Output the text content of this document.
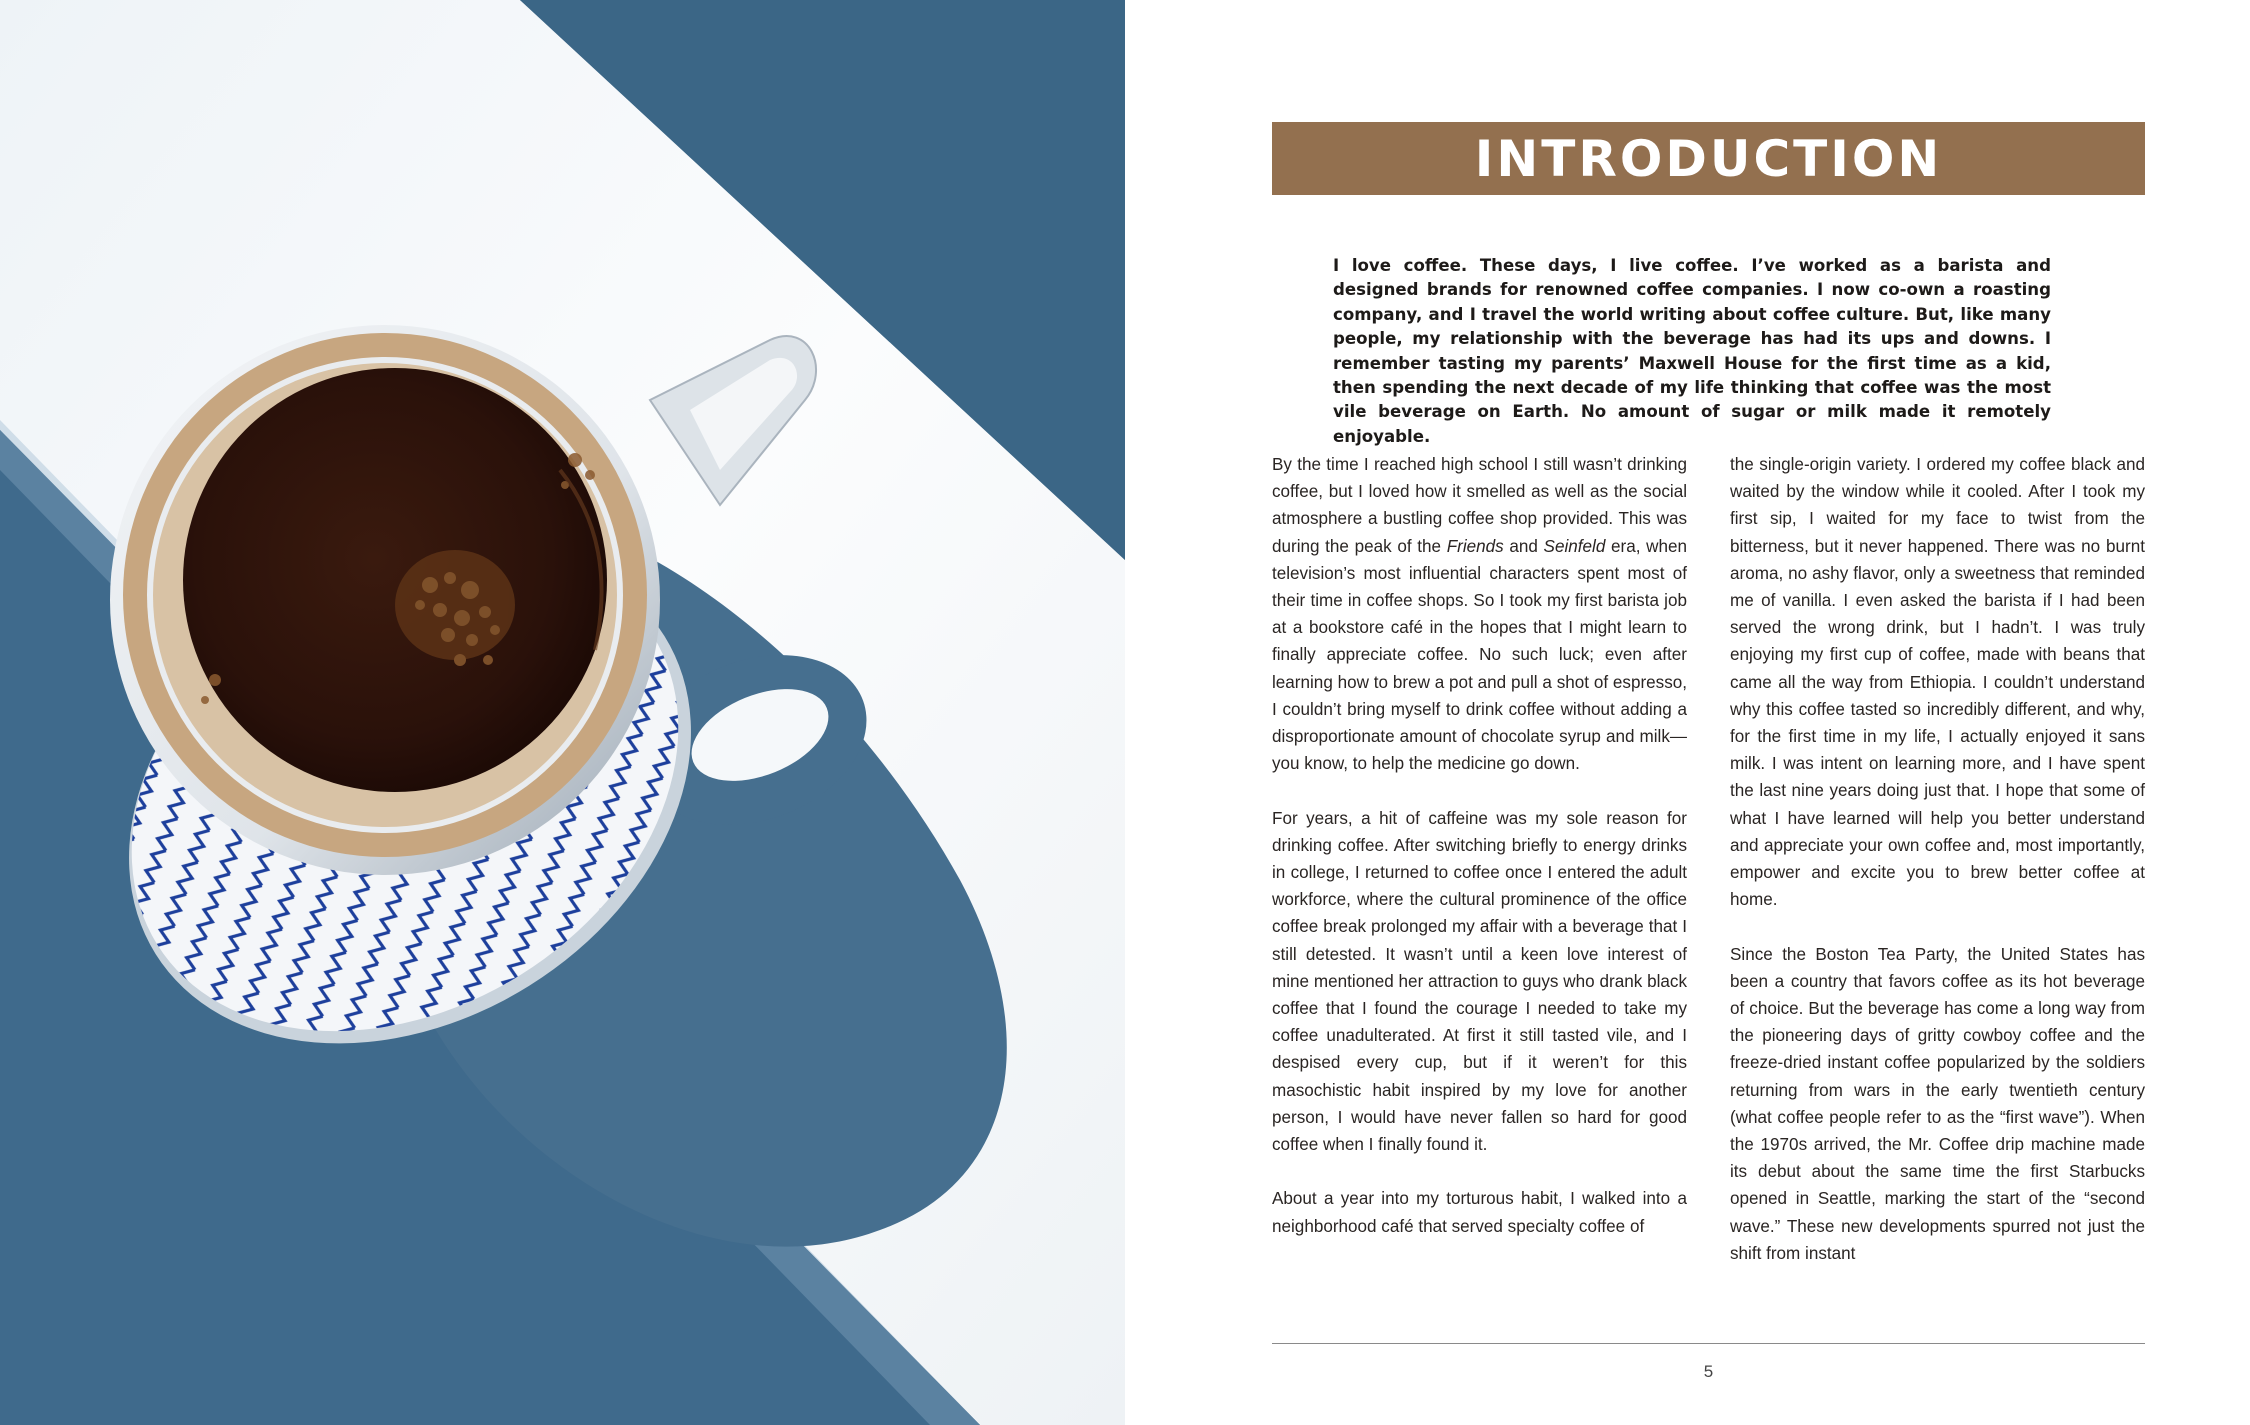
INTRODUCTION

I love coffee. These days, I live coffee. I’ve worked as a barista and designed brands for renowned coffee companies. I now co-own a roasting company, and I travel the world writing about coffee culture. But, like many people, my relationship with the beverage has had its ups and downs. I remember tasting my parents’ Maxwell House for the first time as a kid, then spending the next decade of my life thinking that coffee was the most vile beverage on Earth. No amount of sugar or milk made it remotely enjoyable.

By the time I reached high school I still wasn’t drinking coffee, but I loved how it smelled as well as the social atmosphere a bustling coffee shop provided. This was during the peak of the Friends and Seinfeld era, when television’s most influential characters spent most of their time in coffee shops. So I took my first barista job at a bookstore café in the hopes that I might learn to finally appreciate coffee. No such luck; even after learning how to brew a pot and pull a shot of espresso, I couldn’t bring myself to drink coffee without adding a disproportionate amount of chocolate syrup and milk—you know, to help the medicine go down.

For years, a hit of caffeine was my sole reason for drinking coffee. After switching briefly to energy drinks in college, I returned to coffee once I entered the adult workforce, where the cultural prominence of the office coffee break prolonged my affair with a beverage that I still detested. It wasn’t until a keen love interest of mine mentioned her attraction to guys who drank black coffee that I found the courage I needed to take my coffee unadulterated. At first it still tasted vile, and I despised every cup, but if it weren’t for this masochistic habit inspired by my love for another person, I would have never fallen so hard for good coffee when I finally found it.

About a year into my torturous habit, I walked into a neighborhood café that served specialty coffee of

the single-origin variety. I ordered my coffee black and waited by the window while it cooled. After I took my first sip, I waited for my face to twist from the bitterness, but it never happened. There was no burnt aroma, no ashy flavor, only a sweetness that reminded me of vanilla. I even asked the barista if I had been served the wrong drink, but I hadn’t. I was truly enjoying my first cup of coffee, made with beans that came all the way from Ethiopia. I couldn’t understand why this coffee tasted so incredibly different, and why, for the first time in my life, I actually enjoyed it sans milk. I was intent on learning more, and I have spent the last nine years doing just that. I hope that some of what I have learned will help you better understand and appreciate your own coffee and, most importantly, empower and excite you to brew better coffee at home.

Since the Boston Tea Party, the United States has been a country that favors coffee as its hot beverage of choice. But the beverage has come a long way from the pioneering days of gritty cowboy coffee and the freeze-dried instant coffee popularized by the soldiers returning from wars in the early twentieth century (what coffee people refer to as the “first wave”). When the 1970s arrived, the Mr. Coffee drip machine made its debut about the same time the first Starbucks opened in Seattle, marking the start of the “second wave.” These new developments spurred not just the shift from instant

5
